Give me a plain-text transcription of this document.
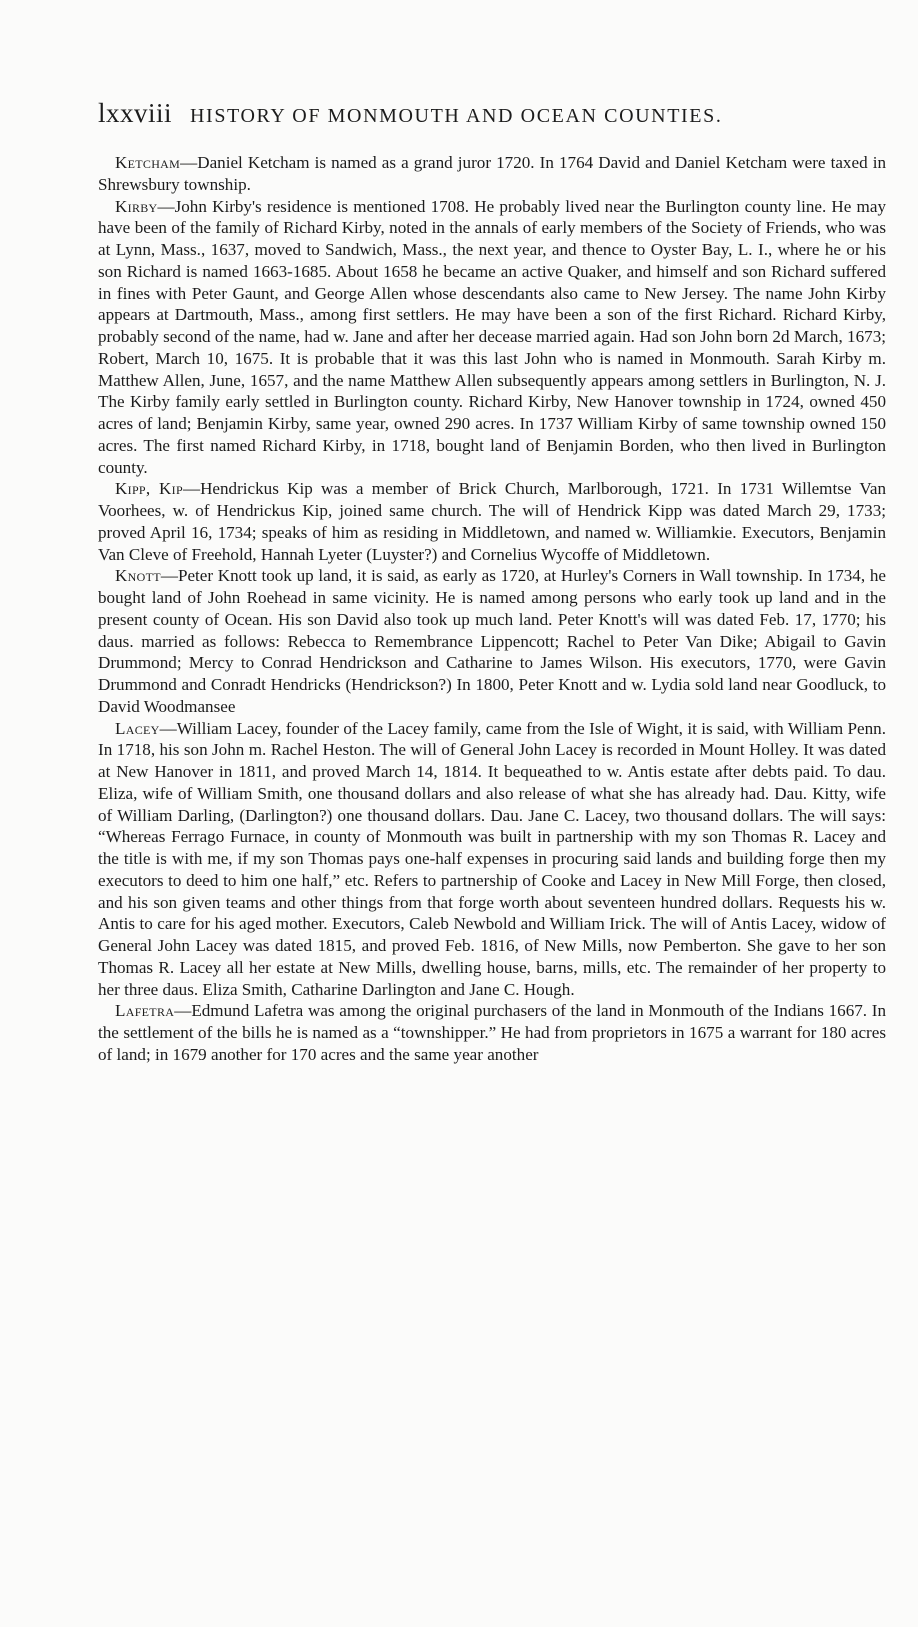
lxxviii HISTORY OF MONMOUTH AND OCEAN COUNTIES.

Ketcham—Daniel Ketcham is named as a grand juror 1720. In 1764 David and Daniel Ketcham were taxed in Shrewsbury township.

Kirby—John Kirby's residence is mentioned 1708. He probably lived near the Burlington county line. He may have been of the family of Richard Kirby, noted in the annals of early members of the Society of Friends, who was at Lynn, Mass., 1637, moved to Sandwich, Mass., the next year, and thence to Oyster Bay, L. I., where he or his son Richard is named 1663-1685. About 1658 he became an active Quaker, and himself and son Richard suffered in fines with Peter Gaunt, and George Allen whose descendants also came to New Jersey. The name John Kirby appears at Dartmouth, Mass., among first settlers. He may have been a son of the first Richard. Richard Kirby, probably second of the name, had w. Jane and after her decease married again. Had son John born 2d March, 1673; Robert, March 10, 1675. It is probable that it was this last John who is named in Monmouth. Sarah Kirby m. Matthew Allen, June, 1657, and the name Matthew Allen subsequently appears among settlers in Burlington, N. J. The Kirby family early settled in Burlington county. Richard Kirby, New Hanover township in 1724, owned 450 acres of land; Benjamin Kirby, same year, owned 290 acres. In 1737 William Kirby of same township owned 150 acres. The first named Richard Kirby, in 1718, bought land of Benjamin Borden, who then lived in Burlington county.

Kipp, Kip—Hendrickus Kip was a member of Brick Church, Marlborough, 1721. In 1731 Willemtse Van Voorhees, w. of Hendrickus Kip, joined same church. The will of Hendrick Kipp was dated March 29, 1733; proved April 16, 1734; speaks of him as residing in Middletown, and named w. Williamkie. Executors, Benjamin Van Cleve of Freehold, Hannah Lyeter (Luyster?) and Cornelius Wycoffe of Middletown.

Knott—Peter Knott took up land, it is said, as early as 1720, at Hurley's Corners in Wall township. In 1734, he bought land of John Roehead in same vicinity. He is named among persons who early took up land and in the present county of Ocean. His son David also took up much land. Peter Knott's will was dated Feb. 17, 1770; his daus. married as follows: Rebecca to Remembrance Lippencott; Rachel to Peter Van Dike; Abigail to Gavin Drummond; Mercy to Conrad Hendrickson and Catharine to James Wilson. His executors, 1770, were Gavin Drummond and Conradt Hendricks (Hendrickson?) In 1800, Peter Knott and w. Lydia sold land near Goodluck, to David Woodmansee

Lacey—William Lacey, founder of the Lacey family, came from the Isle of Wight, it is said, with William Penn. In 1718, his son John m. Rachel Heston. The will of General John Lacey is recorded in Mount Holley. It was dated at New Hanover in 1811, and proved March 14, 1814. It bequeathed to w. Antis estate after debts paid. To dau. Eliza, wife of William Smith, one thousand dollars and also release of what she has already had. Dau. Kitty, wife of William Darling, (Darlington?) one thousand dollars. Dau. Jane C. Lacey, two thousand dollars. The will says: “Whereas Ferrago Furnace, in county of Monmouth was built in partnership with my son Thomas R. Lacey and the title is with me, if my son Thomas pays one-half expenses in procuring said lands and building forge then my executors to deed to him one half,” etc. Refers to partnership of Cooke and Lacey in New Mill Forge, then closed, and his son given teams and other things from that forge worth about seventeen hundred dollars. Requests his w. Antis to care for his aged mother. Executors, Caleb Newbold and William Irick. The will of Antis Lacey, widow of General John Lacey was dated 1815, and proved Feb. 1816, of New Mills, now Pemberton. She gave to her son Thomas R. Lacey all her estate at New Mills, dwelling house, barns, mills, etc. The remainder of her property to her three daus. Eliza Smith, Catharine Darlington and Jane C. Hough.

Lafetra—Edmund Lafetra was among the original purchasers of the land in Monmouth of the Indians 1667. In the settlement of the bills he is named as a “townshipper.” He had from proprietors in 1675 a warrant for 180 acres of land; in 1679 another for 170 acres and the same year another
